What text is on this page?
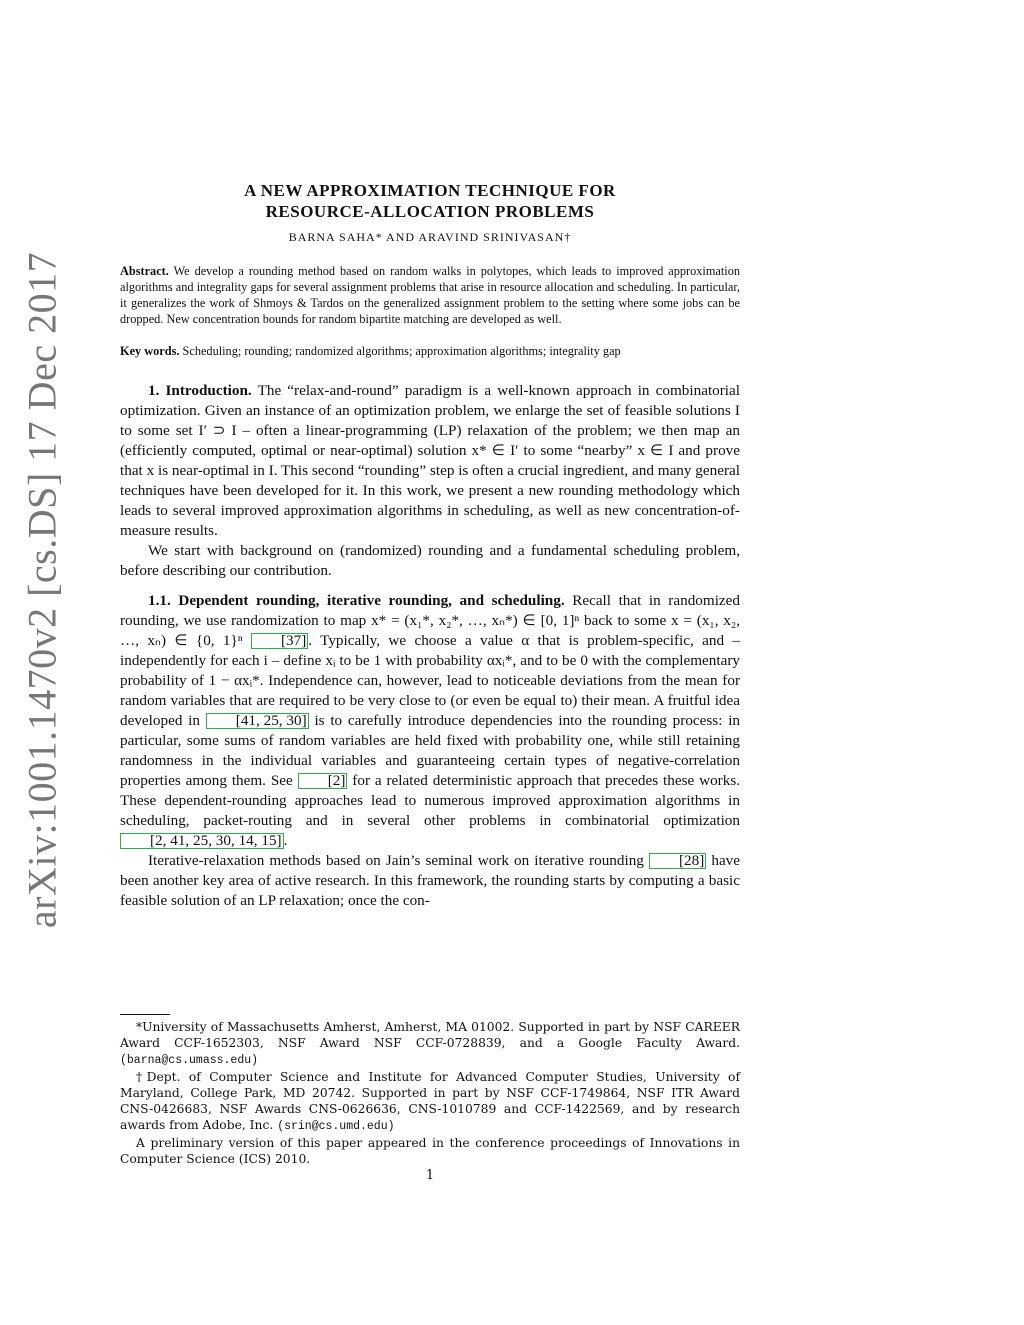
arXiv:1001.1470v2 [cs.DS] 17 Dec 2017
A NEW APPROXIMATION TECHNIQUE FOR
RESOURCE-ALLOCATION PROBLEMS
BARNA SAHA* AND ARAVIND SRINIVASAN†
Abstract. We develop a rounding method based on random walks in polytopes, which leads to improved approximation algorithms and integrality gaps for several assignment problems that arise in resource allocation and scheduling. In particular, it generalizes the work of Shmoys & Tardos on the generalized assignment problem to the setting where some jobs can be dropped. New concentration bounds for random bipartite matching are developed as well.
Key words. Scheduling; rounding; randomized algorithms; approximation algorithms; integrality gap

1. Introduction. The “relax-and-round” paradigm is a well-known approach in combinatorial optimization. Given an instance of an optimization problem, we enlarge the set of feasible solutions I to some set I′ ⊃ I – often a linear-programming (LP) relaxation of the problem; we then map an (efficiently computed, optimal or near-optimal) solution x* ∈ I′ to some “nearby” x ∈ I and prove that x is near-optimal in I. This second “rounding” step is often a crucial ingredient, and many general techniques have been developed for it. In this work, we present a new rounding methodology which leads to several improved approximation algorithms in scheduling, as well as new concentration-of-measure results.

We start with background on (randomized) rounding and a fundamental scheduling problem, before describing our contribution.

1.1. Dependent rounding, iterative rounding, and scheduling. Recall that in randomized rounding, we use randomization to map x* = (x₁*, x₂*, …, xₙ*) ∈ [0, 1]ⁿ back to some x = (x₁, x₂, …, xₙ) ∈ {0, 1}ⁿ	[37] . Typically, we choose a value α that is problem-specific, and – independently for each i – define xᵢ to be 1 with probability αxᵢ*, and to be 0 with the complementary probability of 1 − αxᵢ*. Independence can, however, lead to noticeable deviations from the mean for random variables that are required to be very close to (or even be equal to) their mean. A fruitful idea developed in [41, 25, 30] is to carefully introduce dependencies into the rounding process: in particular, some sums of random variables are held fixed with probability one, while still retaining randomness in the individual variables and guaranteeing certain types of negative-correlation properties among them. See [2] for a related deterministic approach that precedes these works. These dependent-rounding approaches lead to numerous improved approximation algorithms in scheduling, packet-routing and in several other problems in combinatorial optimization [2, 41, 25, 30, 14, 15] .

Iterative-relaxation methods based on Jain’s seminal work on iterative rounding [28] have been another key area of active research. In this framework, the rounding starts by computing a basic feasible solution of an LP relaxation; once the con-

*University of Massachusetts Amherst, Amherst, MA 01002. Supported in part by NSF CAREER Award CCF-1652303, NSF Award NSF CCF-0728839, and a Google Faculty Award. (barna@cs.umass.edu)

†Dept. of Computer Science and Institute for Advanced Computer Studies, University of Maryland, College Park, MD 20742. Supported in part by NSF CCF-1749864, NSF ITR Award CNS-0426683, NSF Awards CNS-0626636, CNS-1010789 and CCF-1422569, and by research awards from Adobe, Inc. (srin@cs.umd.edu)

A preliminary version of this paper appeared in the conference proceedings of Innovations in Computer Science (ICS) 2010.

1
